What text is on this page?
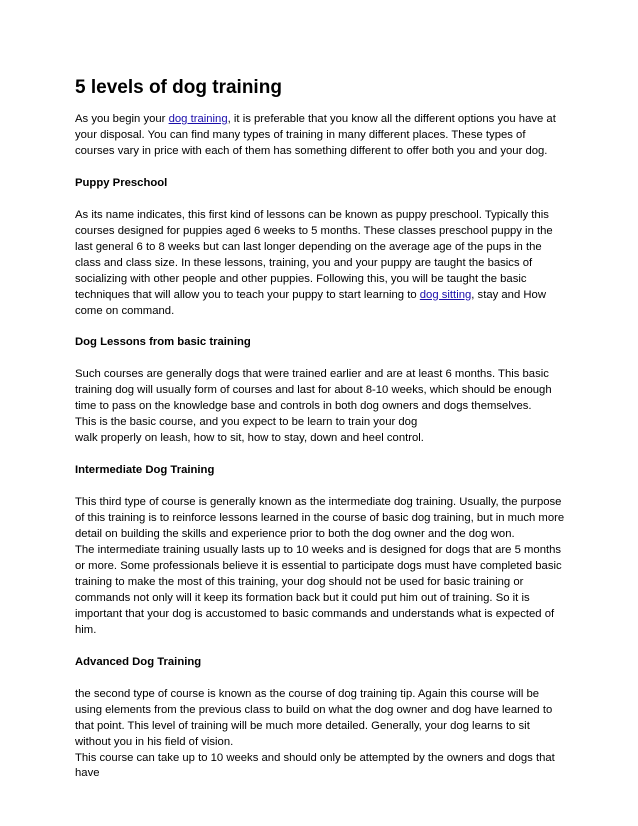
5 levels of dog training

As you begin your dog training, it is preferable that you know all the different options you have at your disposal. You can find many types of training in many different places. These types of courses vary in price with each of them has something different to offer both you and your dog.

Puppy Preschool

As its name indicates, this first kind of lessons can be known as puppy preschool. Typically this courses designed for puppies aged 6 weeks to 5 months. These classes preschool puppy in the last general 6 to 8 weeks but can last longer depending on the average age of the pups in the class and class size. In these lessons, training, you and your puppy are taught the basics of socializing with other people and other puppies. Following this, you will be taught the basic techniques that will allow you to teach your puppy to start learning to dog sitting, stay and How come on command.

Dog Lessons from basic training

Such courses are generally dogs that were trained earlier and are at least 6 months. This basic training dog will usually form of courses and last for about 8-10 weeks, which should be enough time to pass on the knowledge base and controls in both dog owners and dogs themselves.

This is the basic course, and you expect to be learn to train your dog

walk properly on leash, how to sit, how to stay, down and heel control.

Intermediate Dog Training

This third type of course is generally known as the intermediate dog training. Usually, the purpose of this training is to reinforce lessons learned in the course of basic dog training, but in much more detail on building the skills and experience prior to both the dog owner and the dog won.

The intermediate training usually lasts up to 10 weeks and is designed for dogs that are 5 months or more. Some professionals believe it is essential to participate dogs must have completed basic training to make the most of this training, your dog should not be used for basic training or commands not only will it keep its formation back but it could put him out of training. So it is important that your dog is accustomed to basic commands and understands what is expected of him.

Advanced Dog Training

the second type of course is known as the course of dog training tip. Again this course will be using elements from the previous class to build on what the dog owner and dog have learned to that point. This level of training will be much more detailed. Generally, your dog learns to sit without you in his field of vision.

This course can take up to 10 weeks and should only be attempted by the owners and dogs that have
